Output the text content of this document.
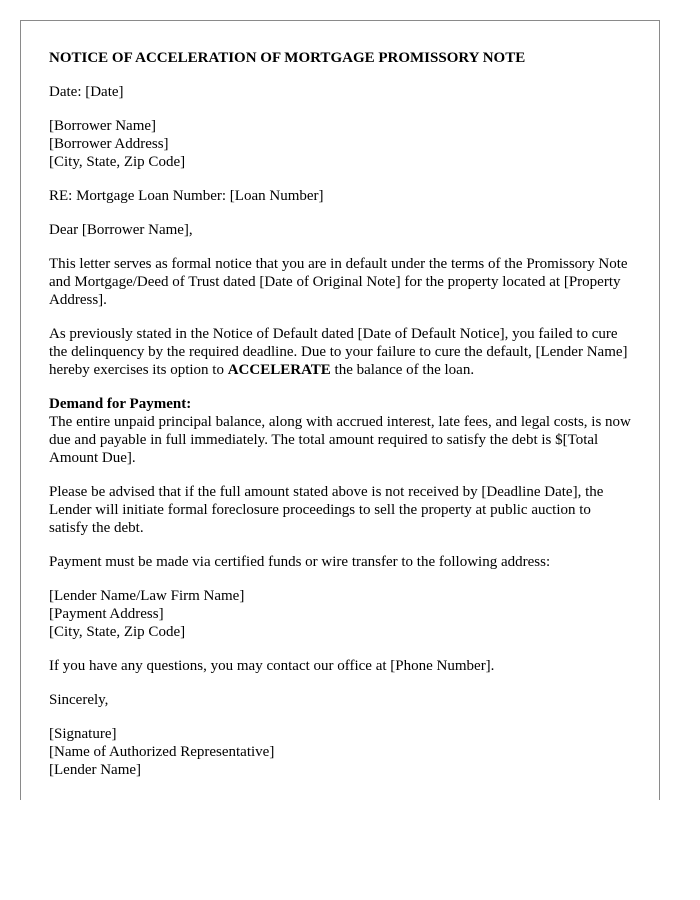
NOTICE OF ACCELERATION OF MORTGAGE PROMISSORY NOTE
Date: [Date]
[Borrower Name]
[Borrower Address]
[City, State, Zip Code]
RE: Mortgage Loan Number: [Loan Number]
Dear [Borrower Name],
This letter serves as formal notice that you are in default under the terms of the Promissory Note and Mortgage/Deed of Trust dated [Date of Original Note] for the property located at [Property Address].
As previously stated in the Notice of Default dated [Date of Default Notice], you failed to cure the delinquency by the required deadline. Due to your failure to cure the default, [Lender Name] hereby exercises its option to ACCELERATE the balance of the loan.
Demand for Payment:
The entire unpaid principal balance, along with accrued interest, late fees, and legal costs, is now due and payable in full immediately. The total amount required to satisfy the debt is $[Total Amount Due].
Please be advised that if the full amount stated above is not received by [Deadline Date], the Lender will initiate formal foreclosure proceedings to sell the property at public auction to satisfy the debt.
Payment must be made via certified funds or wire transfer to the following address:
[Lender Name/Law Firm Name]
[Payment Address]
[City, State, Zip Code]
If you have any questions, you may contact our office at [Phone Number].
Sincerely,
[Signature]
[Name of Authorized Representative]
[Lender Name]
